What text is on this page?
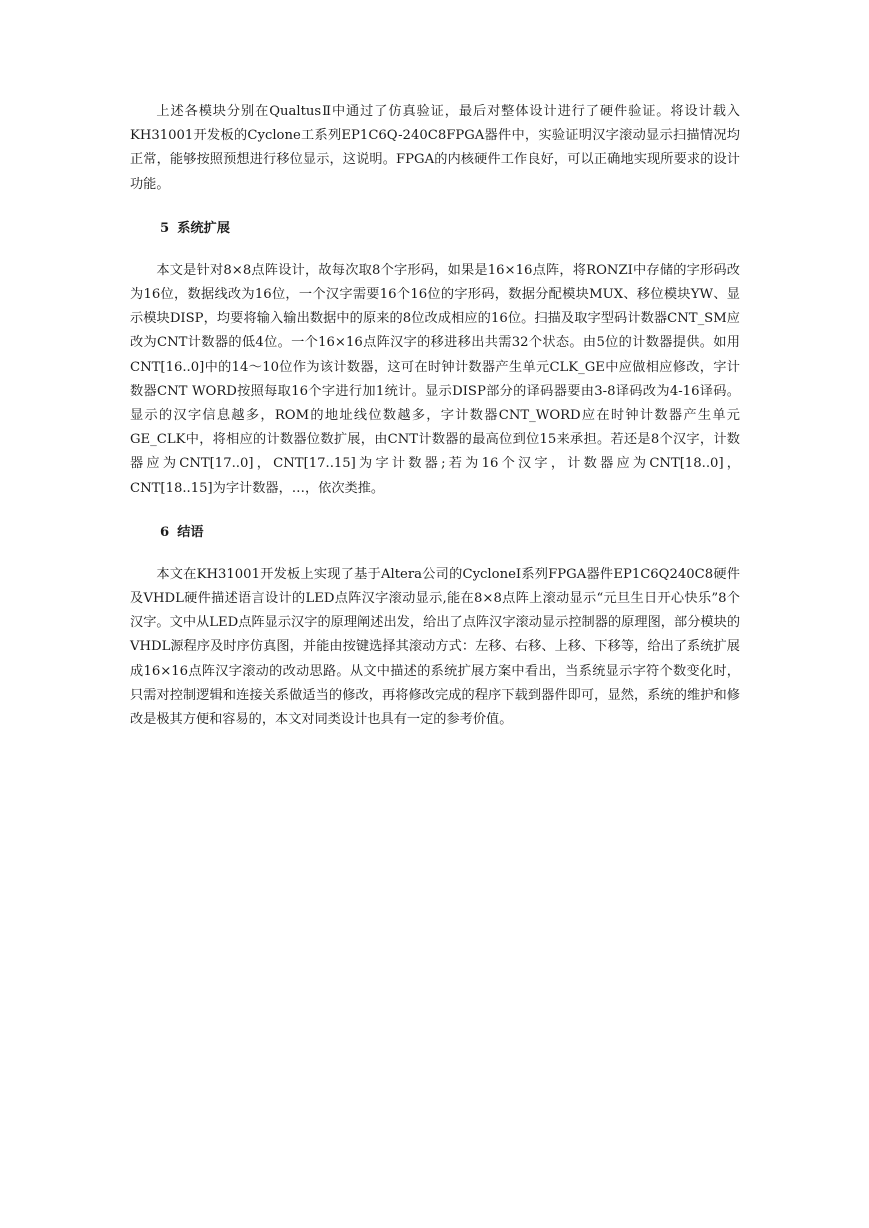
上述各模块分别在QualtusⅡ中通过了仿真验证，最后对整体设计进行了硬件验证。将设计载入KH31001开发板的Cyclone工系列EP1C6Q-240C8FPGA器件中，实验证明汉字滚动显示扫描情况均正常，能够按照预想进行移位显示，这说明。FPGA的内核硬件工作良好，可以正确地实现所要求的设计功能。

5 系统扩展

本文是针对8×8点阵设计，故每次取8个字形码，如果是16×16点阵，将RONZI中存储的字形码改为16位，数据线改为16位，一个汉字需要16个16位的字形码，数据分配模块MUX、移位模块YW、显示模块DISP，均要将输入输出数据中的原来的8位改成相应的16位。扫描及取字型码计数器CNT_SM应改为CNT计数器的低4位。一个16×16点阵汉字的移进移出共需32个状态。由5位的计数器提供。如用CNT[16..0]中的14～10位作为该计数器，这可在时钟计数器产生单元CLK_GE中应做相应修改，字计数器CNT WORD按照每取16个字进行加1统计。显示DISP部分的译码器要由3-8译码改为4-16译码。显示的汉字信息越多，ROM的地址线位数越多，字计数器CNT_WORD应在时钟计数器产生单元GE_CLK中，将相应的计数器位数扩展，由CNT计数器的最高位到位15来承担。若还是8个汉字，计数器应为CNT[17..0]，CNT[17..15]为字计数器;若为16个汉字，计数器应为CNT[18..0]，CNT[18..15]为字计数器，…，依次类推。

6 结语

本文在KH31001开发板上实现了基于Altera公司的CycloneI系列FPGA器件EP1C6Q240C8硬件及VHDL硬件描述语言设计的LED点阵汉字滚动显示,能在8×8点阵上滚动显示“元旦生日开心快乐”8个汉字。文中从LED点阵显示汉字的原理阐述出发，给出了点阵汉字滚动显示控制器的原理图，部分模块的VHDL源程序及时序仿真图，并能由按键选择其滚动方式：左移、右移、上移、下移等，给出了系统扩展成16×16点阵汉字滚动的改动思路。从文中描述的系统扩展方案中看出，当系统显示字符个数变化时，只需对控制逻辑和连接关系做适当的修改，再将修改完成的程序下载到器件即可，显然，系统的维护和修改是极其方便和容易的，本文对同类设计也具有一定的参考价值。
